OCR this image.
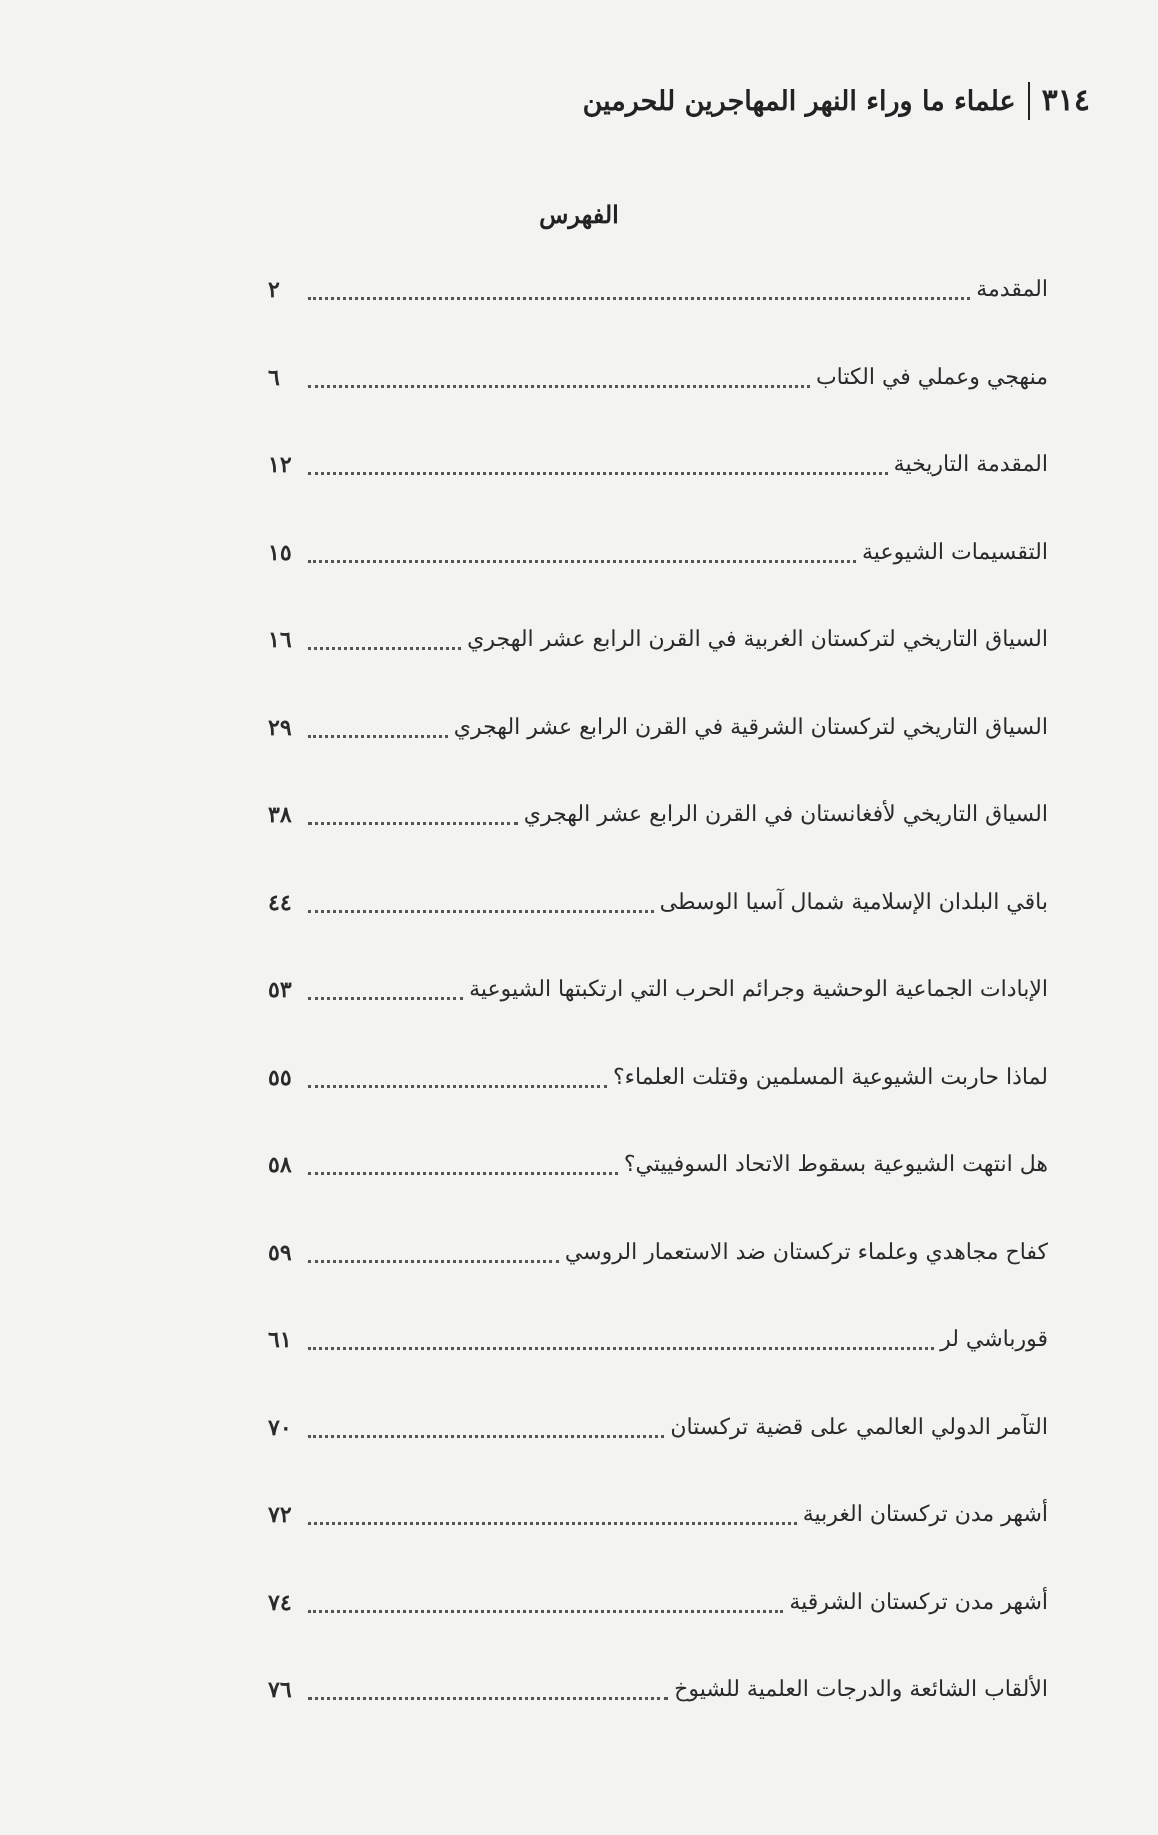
٣١٤
علماء ما وراء النهر المهاجرين للحرمين
الفهرس
المقدمة
٢
منهجي وعملي في الكتاب
٦
المقدمة التاريخية
١٢
التقسيمات الشيوعية
١٥
السياق التاريخي لتركستان الغربية في القرن الرابع عشر الهجري
١٦
السياق التاريخي لتركستان الشرقية في القرن الرابع عشر الهجري
٢٩
السياق التاريخي لأفغانستان في القرن الرابع عشر الهجري
٣٨
باقي البلدان الإسلامية شمال آسيا الوسطى
٤٤
الإبادات الجماعية الوحشية وجرائم الحرب التي ارتكبتها الشيوعية
٥٣
لماذا حاربت الشيوعية المسلمين وقتلت العلماء؟
٥٥
هل انتهت الشيوعية بسقوط الاتحاد السوفييتي؟
٥٨
كفاح مجاهدي وعلماء تركستان ضد الاستعمار الروسي
٥٩
قورباشي لر
٦١
التآمر الدولي العالمي على قضية تركستان
٧٠
أشهر مدن تركستان الغربية
٧٢
أشهر مدن تركستان الشرقية
٧٤
الألقاب الشائعة والدرجات العلمية للشيوخ
٧٦
